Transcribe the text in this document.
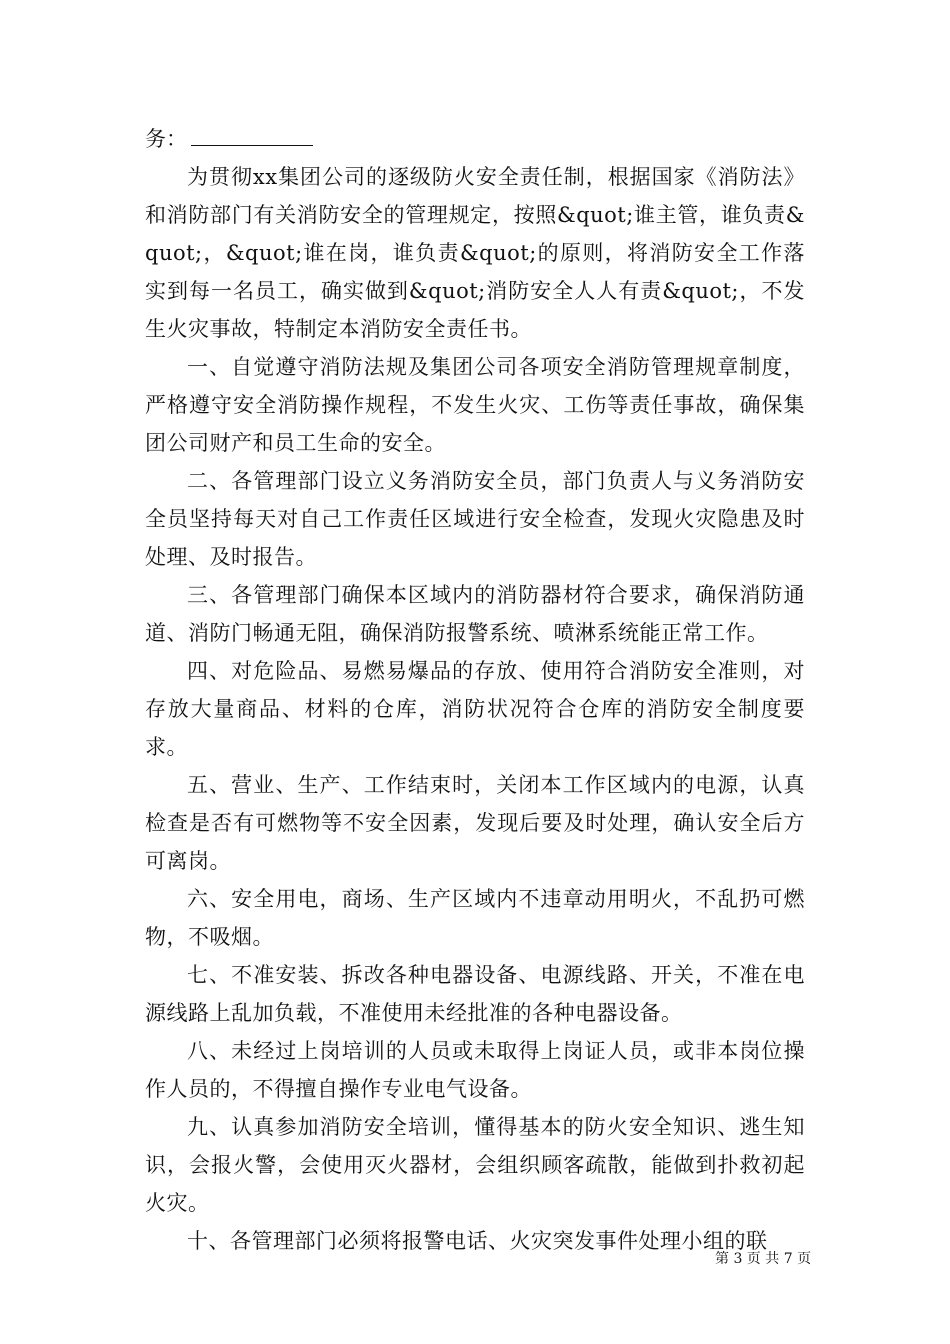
务：

为贯彻xx集团公司的逐级防火安全责任制，根据国家《消防法》和消防部门有关消防安全的管理规定，按照&quot;谁主管，谁负责&quot;，&quot;谁在岗，谁负责&quot;的原则，将消防安全工作落实到每一名员工，确实做到&quot;消防安全人人有责&quot;，不发生火灾事故，特制定本消防安全责任书。

一、自觉遵守消防法规及集团公司各项安全消防管理规章制度，严格遵守安全消防操作规程，不发生火灾、工伤等责任事故，确保集团公司财产和员工生命的安全。

二、各管理部门设立义务消防安全员，部门负责人与义务消防安全员坚持每天对自己工作责任区域进行安全检查，发现火灾隐患及时处理、及时报告。

三、各管理部门确保本区域内的消防器材符合要求，确保消防通道、消防门畅通无阻，确保消防报警系统、喷淋系统能正常工作。

四、对危险品、易燃易爆品的存放、使用符合消防安全准则，对存放大量商品、材料的仓库，消防状况符合仓库的消防安全制度要求。

五、营业、生产、工作结束时，关闭本工作区域内的电源，认真检查是否有可燃物等不安全因素，发现后要及时处理，确认安全后方可离岗。

六、安全用电，商场、生产区域内不违章动用明火，不乱扔可燃物，不吸烟。

七、不准安装、拆改各种电器设备、电源线路、开关，不准在电源线路上乱加负载，不准使用未经批准的各种电器设备。

八、未经过上岗培训的人员或未取得上岗证人员，或非本岗位操作人员的，不得擅自操作专业电气设备。

九、认真参加消防安全培训，懂得基本的防火安全知识、逃生知识，会报火警，会使用灭火器材，会组织顾客疏散，能做到扑救初起火灾。

十、各管理部门必须将报警电话、火灾突发事件处理小组的联

第 3 页 共 7 页
